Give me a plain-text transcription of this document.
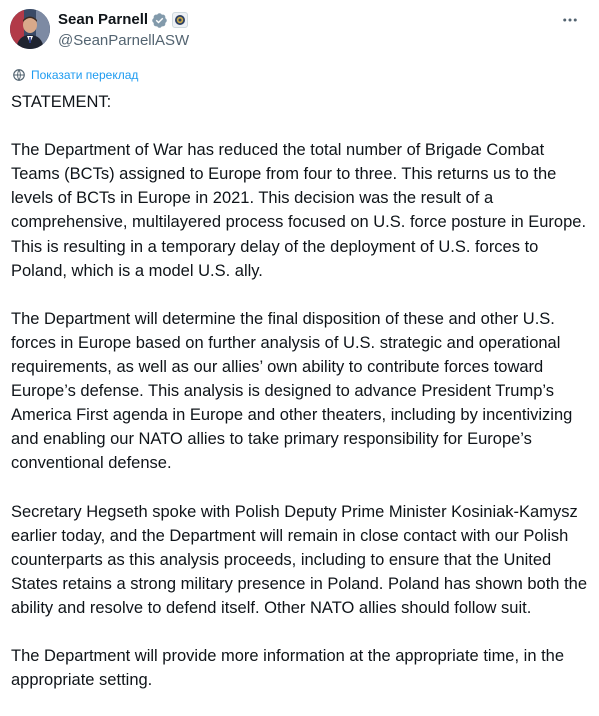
Sean Parnell
@SeanParnellASW
Показати переклад

STATEMENT:

The Department of War has reduced the total number of Brigade Combat Teams (BCTs) assigned to Europe from four to three. This returns us to the levels of BCTs in Europe in 2021. This decision was the result of a comprehensive, multilayered process focused on U.S. force posture in Europe. This is resulting in a temporary delay of the deployment of U.S. forces to Poland, which is a model U.S. ally.

The Department will determine the final disposition of these and other U.S. forces in Europe based on further analysis of U.S. strategic and operational requirements, as well as our allies’ own ability to contribute forces toward Europe’s defense. This analysis is designed to advance President Trump’s America First agenda in Europe and other theaters, including by incentivizing and enabling our NATO allies to take primary responsibility for Europe’s conventional defense.

Secretary Hegseth spoke with Polish Deputy Prime Minister Kosiniak-Kamysz earlier today, and the Department will remain in close contact with our Polish counterparts as this analysis proceeds, including to ensure that the United States retains a strong military presence in Poland. Poland has shown both the ability and resolve to defend itself. Other NATO allies should follow suit.

The Department will provide more information at the appropriate time, in the appropriate setting.
